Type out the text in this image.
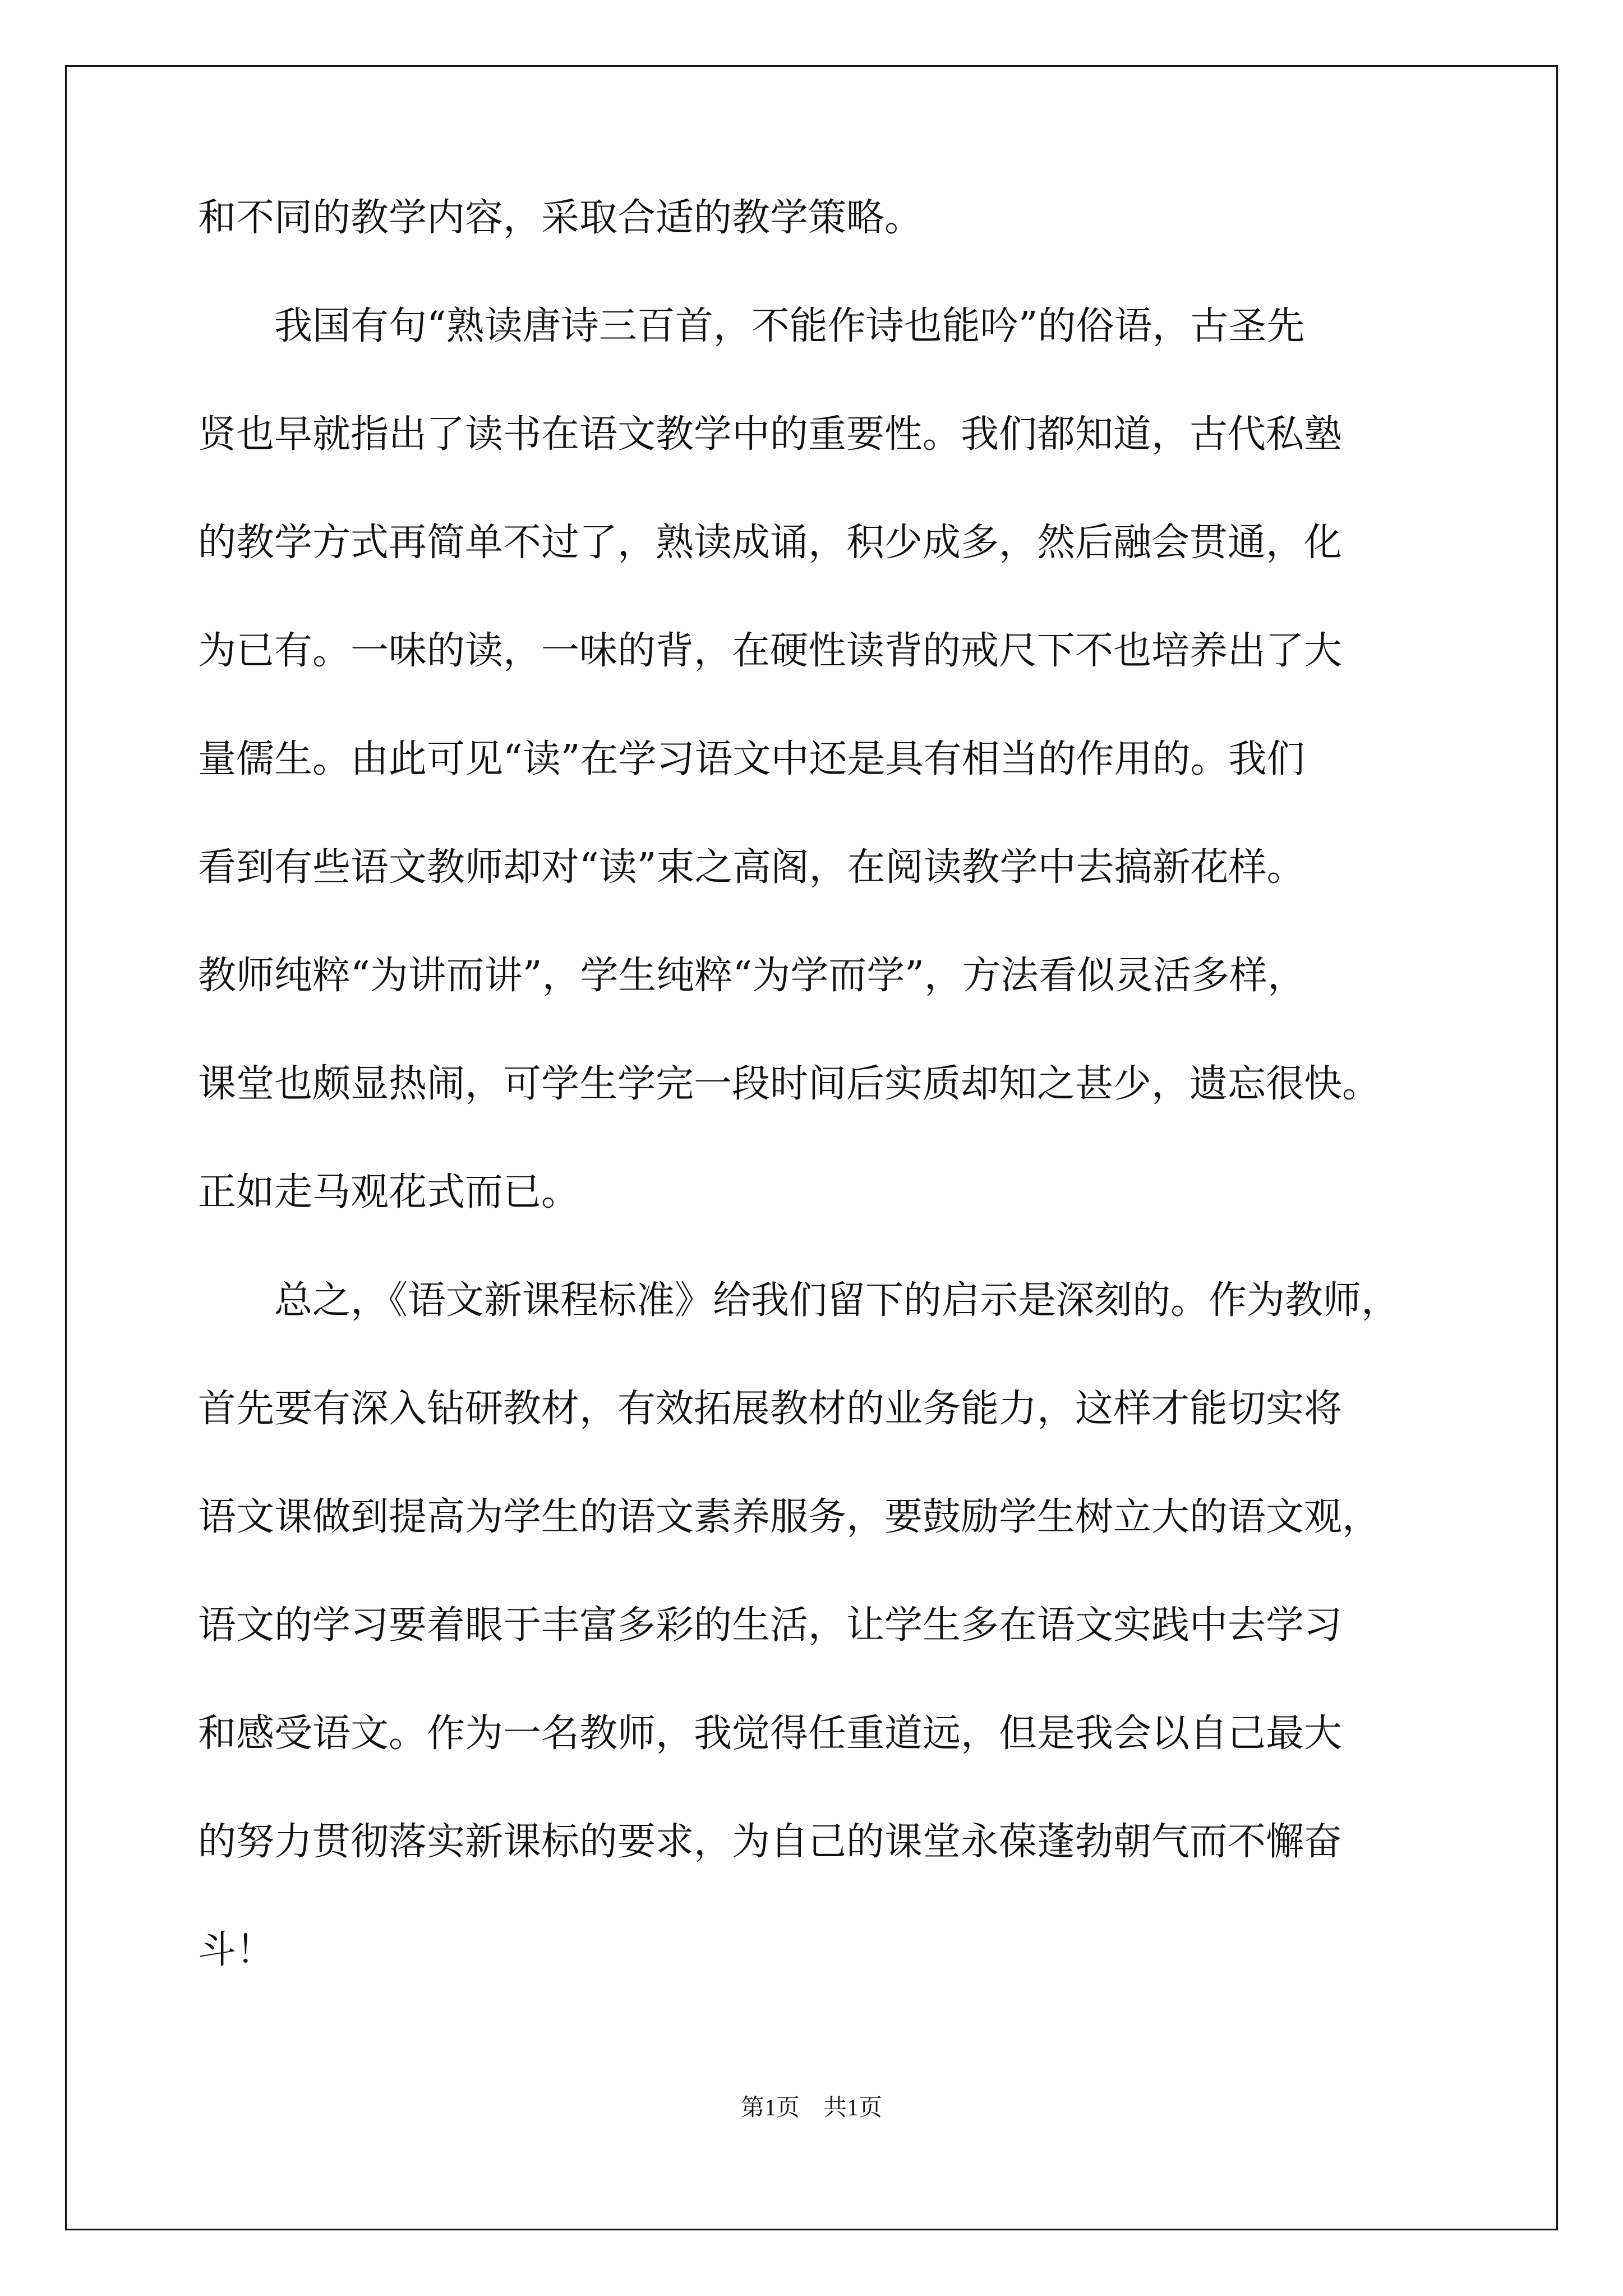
和不同的教学内容，采取合适的教学策略。
　　我国有句“熟读唐诗三百首，不能作诗也能吟”的俗语，古圣先
贤也早就指出了读书在语文教学中的重要性。我们都知道，古代私塾
的教学方式再简单不过了，熟读成诵，积少成多，然后融会贯通，化
为已有。一味的读，一味的背，在硬性读背的戒尺下不也培养出了大
量儒生。由此可见“读”在学习语文中还是具有相当的作用的。我们
看到有些语文教师却对“读”束之高阁，在阅读教学中去搞新花样。
教师纯粹“为讲而讲”，学生纯粹“为学而学”，方法看似灵活多样，
课堂也颇显热闹，可学生学完一段时间后实质却知之甚少，遗忘很快。
正如走马观花式而已。
　　总之，《语文新课程标准》给我们留下的启示是深刻的。作为教师，
首先要有深入钻研教材，有效拓展教材的业务能力，这样才能切实将
语文课做到提高为学生的语文素养服务，要鼓励学生树立大的语文观，
语文的学习要着眼于丰富多彩的生活，让学生多在语文实践中去学习
和感受语文。作为一名教师，我觉得任重道远，但是我会以自己最大
的努力贯彻落实新课标的要求，为自己的课堂永葆蓬勃朝气而不懈奋
斗！
第1页　共1页
